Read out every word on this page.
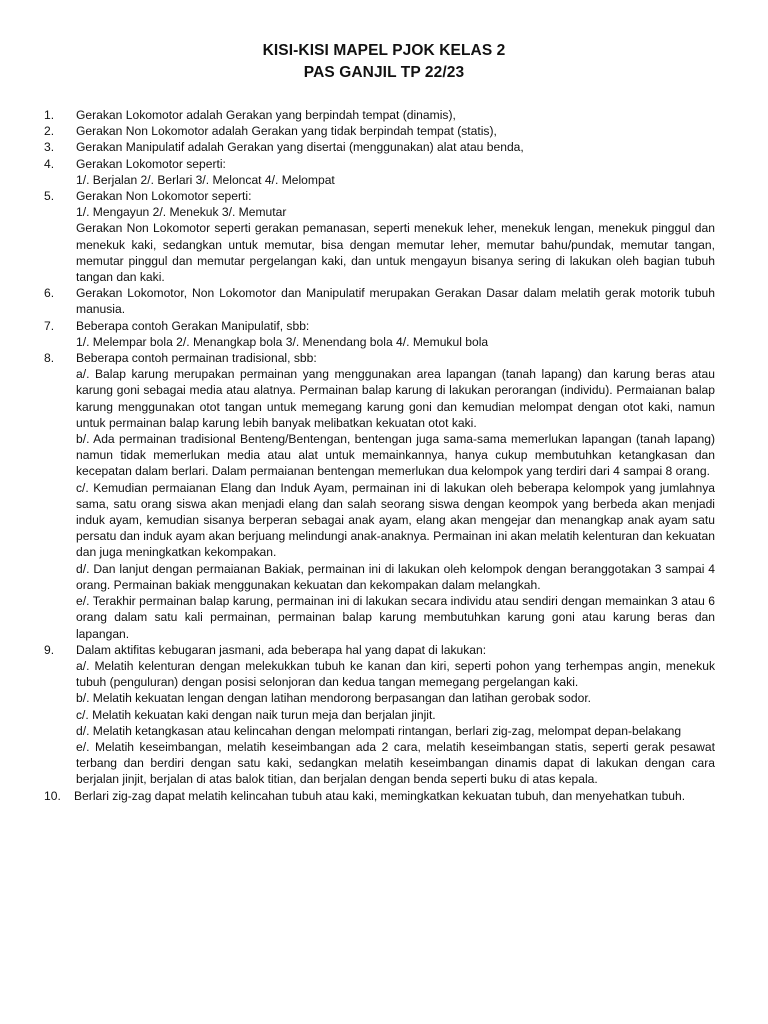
KISI-KISI MAPEL PJOK KELAS 2
PAS GANJIL TP 22/23
1.	Gerakan Lokomotor adalah Gerakan yang berpindah tempat (dinamis),
2.	Gerakan Non Lokomotor adalah Gerakan yang tidak berpindah tempat (statis),
3.	Gerakan Manipulatif adalah Gerakan yang disertai (menggunakan) alat atau benda,
4.	Gerakan Lokomotor seperti:
1/. Berjalan 2/. Berlari 3/. Meloncat 4/. Melompat
5.	Gerakan Non Lokomotor seperti:
1/. Mengayun 2/. Menekuk 3/. Memutar
Gerakan Non Lokomotor seperti gerakan pemanasan, seperti menekuk leher, menekuk lengan, menekuk pinggul dan menekuk kaki, sedangkan untuk memutar, bisa dengan memutar leher, memutar bahu/pundak, memutar tangan, memutar pinggul dan memutar pergelangan kaki, dan untuk mengayun bisanya sering di lakukan oleh bagian tubuh tangan dan kaki.
6.	Gerakan Lokomotor, Non Lokomotor dan Manipulatif merupakan Gerakan Dasar dalam melatih gerak motorik tubuh manusia.
7.	Beberapa contoh Gerakan Manipulatif, sbb:
1/. Melempar bola 2/. Menangkap bola 3/. Menendang bola 4/. Memukul bola
8.	Beberapa contoh permainan tradisional, sbb:
a/. Balap karung merupakan permainan yang menggunakan area lapangan (tanah lapang) dan karung beras atau karung goni sebagai media atau alatnya. Permainan balap karung di lakukan perorangan (individu). Permaianan balap karung menggunakan otot tangan untuk memegang karung goni dan kemudian melompat dengan otot kaki, namun untuk permainan balap karung lebih banyak melibatkan kekuatan otot kaki.
b/. Ada permainan tradisional Benteng/Bentengan, bentengan juga sama-sama memerlukan lapangan (tanah lapang) namun tidak memerlukan media atau alat untuk memainkannya, hanya cukup membutuhkan ketangkasan dan kecepatan dalam berlari. Dalam permaianan bentengan memerlukan dua kelompok yang terdiri dari 4 sampai 8 orang.
c/. Kemudian permaianan Elang dan Induk Ayam, permainan ini di lakukan oleh beberapa kelompok yang jumlahnya sama, satu orang siswa akan menjadi elang dan salah seorang siswa dengan keompok yang berbeda akan menjadi induk ayam, kemudian sisanya berperan sebagai anak ayam, elang akan mengejar dan menangkap anak ayam satu persatu dan induk ayam akan berjuang melindungi anak-anaknya. Permainan ini akan melatih kelenturan dan kekuatan dan juga meningkatkan kekompakan.
d/. Dan lanjut dengan permaianan Bakiak, permainan ini di lakukan oleh kelompok dengan beranggotakan 3 sampai 4 orang. Permainan bakiak menggunakan kekuatan dan kekompakan dalam melangkah.
e/. Terakhir permainan balap karung, permainan ini di lakukan secara individu atau sendiri dengan memainkan 3 atau 6 orang dalam satu kali permainan, permainan balap karung membutuhkan karung goni atau karung beras dan lapangan.
9.	Dalam aktifitas kebugaran jasmani, ada beberapa hal yang dapat di lakukan:
a/. Melatih kelenturan dengan melekukkan tubuh ke kanan dan kiri, seperti pohon yang terhempas angin, menekuk tubuh (penguluran) dengan posisi selonjoran dan kedua tangan memegang pergelangan kaki.
b/. Melatih kekuatan lengan dengan latihan mendorong berpasangan dan latihan gerobak sodor.
c/. Melatih kekuatan kaki dengan naik turun meja dan berjalan jinjit.
d/. Melatih ketangkasan atau kelincahan dengan melompati rintangan, berlari zig-zag, melompat depan-belakang
e/. Melatih keseimbangan, melatih keseimbangan ada 2 cara, melatih keseimbangan statis, seperti gerak pesawat terbang dan berdiri dengan satu kaki, sedangkan melatih keseimbangan dinamis dapat di lakukan dengan cara berjalan jinjit, berjalan di atas balok titian, dan berjalan dengan benda seperti buku di atas kepala.
10.	Berlari zig-zag dapat melatih kelincahan tubuh atau kaki, memingkatkan kekuatan tubuh, dan menyehatkan tubuh.
